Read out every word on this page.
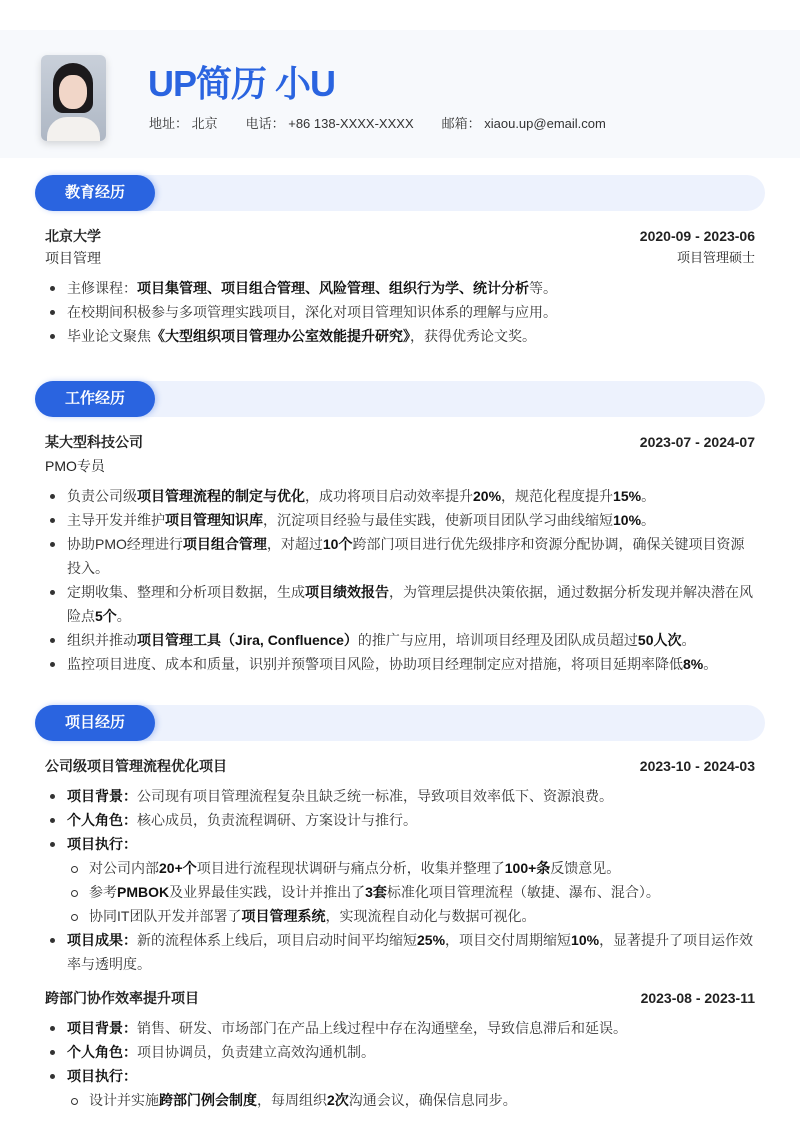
UP简历 小U
地址： 北京 电话： +86 138-XXXX-XXXX 邮箱： xiaou.up@email.com
教育经历
北京大学	2020-09 - 2023-06
项目管理	项目管理硕士
主修课程：项目集管理、项目组合管理、风险管理、组织行为学、统计分析等。
在校期间积极参与多项管理实践项目，深化对项目管理知识体系的理解与应用。
毕业论文聚焦《大型组织项目管理办公室效能提升研究》，获得优秀论文奖。
工作经历
某大型科技公司	2023-07 - 2024-07
PMO专员
负责公司级项目管理流程的制定与优化，成功将项目启动效率提升20%，规范化程度提升15%。
主导开发并维护项目管理知识库，沉淀项目经验与最佳实践，使新项目团队学习曲线缩短10%。
协助PMO经理进行项目组合管理，对超过10个跨部门项目进行优先级排序和资源分配协调，确保关键项目资源投入。
定期收集、整理和分析项目数据，生成项目绩效报告，为管理层提供决策依据，通过数据分析发现并解决潜在风险点5个。
组织并推动项目管理工具（Jira, Confluence）的推广与应用，培训项目经理及团队成员超过50人次。
监控项目进度、成本和质量，识别并预警项目风险，协助项目经理制定应对措施，将项目延期率降低8%。
项目经历
公司级项目管理流程优化项目	2023-10 - 2024-03
项目背景：公司现有项目管理流程复杂且缺乏统一标准，导致项目效率低下、资源浪费。
个人角色：核心成员，负责流程调研、方案设计与推行。
项目执行：
对公司内部20+个项目进行流程现状调研与痛点分析，收集并整理了100+条反馈意见。
参考PMBOK及业界最佳实践，设计并推出了3套标准化项目管理流程（敏捷、瀑布、混合）。
协同IT团队开发并部署了项目管理系统，实现流程自动化与数据可视化。
项目成果：新的流程体系上线后，项目启动时间平均缩短25%，项目交付周期缩短10%，显著提升了项目运作效率与透明度。
跨部门协作效率提升项目	2023-08 - 2023-11
项目背景：销售、研发、市场部门在产品上线过程中存在沟通壁垒，导致信息滞后和延误。
个人角色：项目协调员，负责建立高效沟通机制。
项目执行：
设计并实施跨部门例会制度，每周组织2次沟通会议，确保信息同步。
